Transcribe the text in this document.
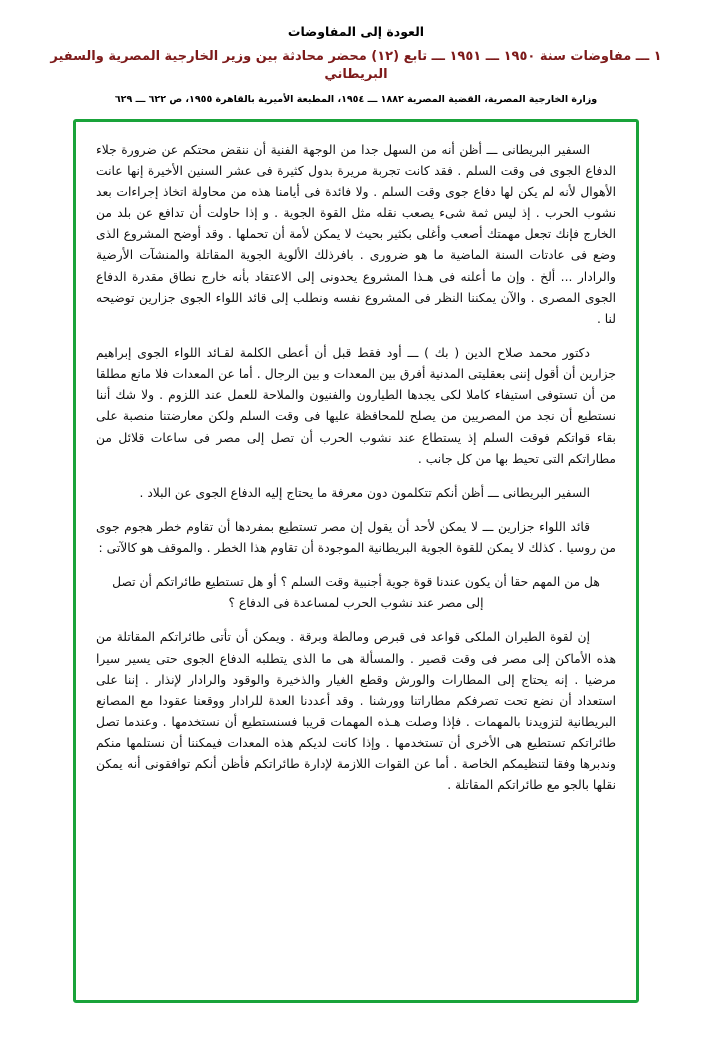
العودة إلى المفاوضات
١ ـــ مفاوضات سنة ١٩٥٠ ـــ ١٩٥١ ـــ تابع (١٢) محضر محادثة بين وزير الخارجية المصرية والسفير البريطاني
وزارة الخارجية المصرية، القضية المصرية ١٨٨٢ ـــ ١٩٥٤، المطبعة الأميرية بالقاهرة ١٩٥٥، ص ٦٢٢ ـــ ٦٢٩

السفير البريطانى ـــ أظن أنه من السهل جدا من الوجهة الفنية أن ننقض محتكم عن ضرورة جلاء الدفاع الجوى فى وقت السلم . فقد كانت تجربة مريرة بدول كثيرة فى عشر السنين الأخيرة إنها عانت الأهوال لأنه لم يكن لها دفاع جوى وقت السلم . ولا فائدة فى أيامنا هذه من محاولة اتخاذ إجراءات بعد نشوب الحرب . إذ ليس ثمة شىء يصعب نقله مثل القوة الجوية . و إذا حاولت أن تدافع عن بلد من الخارج فإنك تجعل مهمتك أصعب وأغلى بكثير بحيث لا يمكن لأمة أن تحملها . وقد أوضح المشروع الذى وضع فى عادتات السنة الماضية ما هو ضرورى . بافرذلك الألوية الجوية المقاتلة والمنشآت الأرضية والرادار ... ألخ . وإن ما أعلنه فى هـذا المشروع يحدونى إلى الاعتقاد بأنه خارج نطاق مقدرة الدفاع الجوى المصرى . والآن يمكننا النظر فى المشروع نفسه ونطلب إلى قائد اللواء الجوى جزارين توضيحه لنا .

دكتور محمد صلاح الدين ( بك ) ـــ أود فقط قبل أن أعطى الكلمة لقـائد اللواء الجوى إبراهيم جزارين أن أقول إننى بعقليتى المدنية أفرق بين المعدات و بين الرجال . أما عن المعدات فلا مانع مطلقا من أن تستوفى استيفاء كاملا لكى يجدها الطيارون والفنيون والملاحة للعمل عند اللزوم . ولا شك أننا نستطيع أن نجد من المصريين من يصلح للمحافظة عليها فى وقت السلم ولكن معارضتنا منصبة على بقاء قواتكم فوقت السلم إذ يستطاع عند نشوب الحرب أن تصل إلى مصر فى ساعات قلائل من مطاراتكم التى تحيط بها من كل جانب .

السفير البريطانى ـــ أظن أنكم تتكلمون دون معرفة ما يحتاج إليه الدفاع الجوى عن البلاد .

قائد اللواء جزارين ـــ لا يمكن لأحد أن يقول إن مصر تستطيع بمفردها أن تقاوم خطر هجوم جوى من روسيا . كذلك لا يمكن للقوة الجوية البريطانية الموجودة أن تقاوم هذا الخطر . والموقف هو كالآتى :

هل من المهم حقا أن يكون عندنا قوة جوية أجنبية وقت السلم ؟ أو هل تستطيع طائراتكم أن تصل إلى مصر عند نشوب الحرب لمساعدة فى الدفاع ؟

إن لقوة الطيران الملكى قواعد فى قبرص ومالطة وبرقة . ويمكن أن تأتى طائراتكم المقاتلة من هذه الأماكن إلى مصر فى وقت قصير . والمسألة هى ما الذى يتطلبه الدفاع الجوى حتى يسير سيرا مرضيا . إنه يحتاج إلى المطارات والورش وقطع الغيار والذخيرة والوقود والرادار لإنذار . إننا على استعداد أن نضع تحت تصرفكم مطاراتنا وورشنا . وقد أعددنا العدة للرادار ووقعنا عقودا مع المصانع البريطانية لتزويدنا بالمهمات . فإذا وصلت هـذه المهمات قريبا فسنستطيع أن نستخدمها . وعندما تصل طائراتكم تستطيع هى الأخرى أن تستخدمها . وإذا كانت لديكم هذه المعدات فيمكننا أن نستلمها منكم وندبرها وفقا لتنظيمكم الخاصة . أما عن القوات اللازمة لإدارة طائراتكم فأظن أنكم توافقونى أنه يمكن نقلها بالجو مع طائراتكم المقاتلة .
